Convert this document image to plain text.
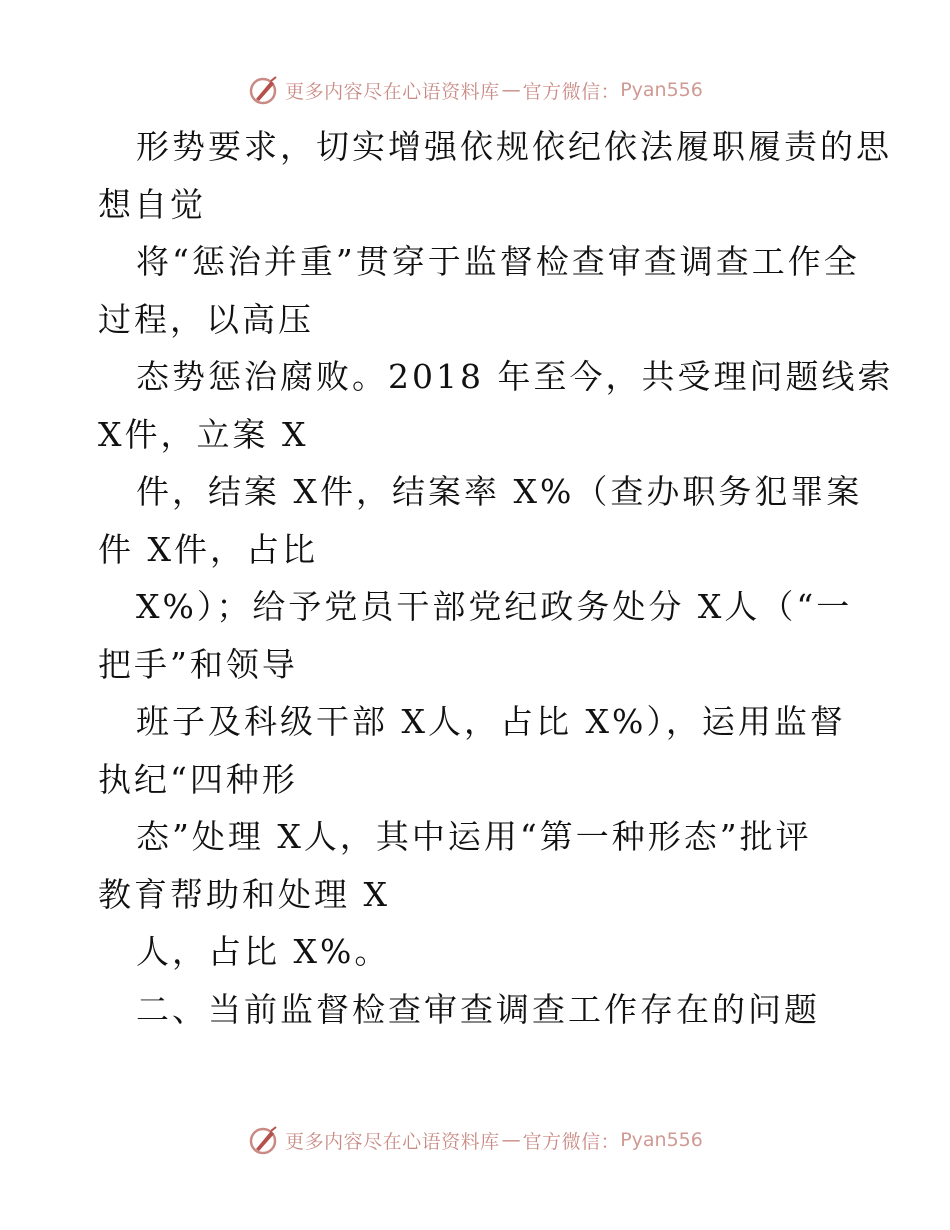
更多内容尽在心语资料库 — 官方微信： Pyan556
形势要求，切实增强依规依纪依法履职履责的思
想自觉
将“惩治并重”贯穿于监督检查审查调查工作全
过程，以高压
态势惩治腐败。2018 年至今，共受理问题线索
X件，立案 X
件，结案 X件，结案率 X%（查办职务犯罪案
件 X件，占比
X%）；给予党员干部党纪政务处分 X人（“一
把手”和领导
班子及科级干部 X人，占比 X%），运用监督
执纪“四种形
态”处理 X人，其中运用“第一种形态”批评
教育帮助和处理 X
人，占比 X%。
二、当前监督检查审查调查工作存在的问题
更多内容尽在心语资料库 — 官方微信： Pyan556
